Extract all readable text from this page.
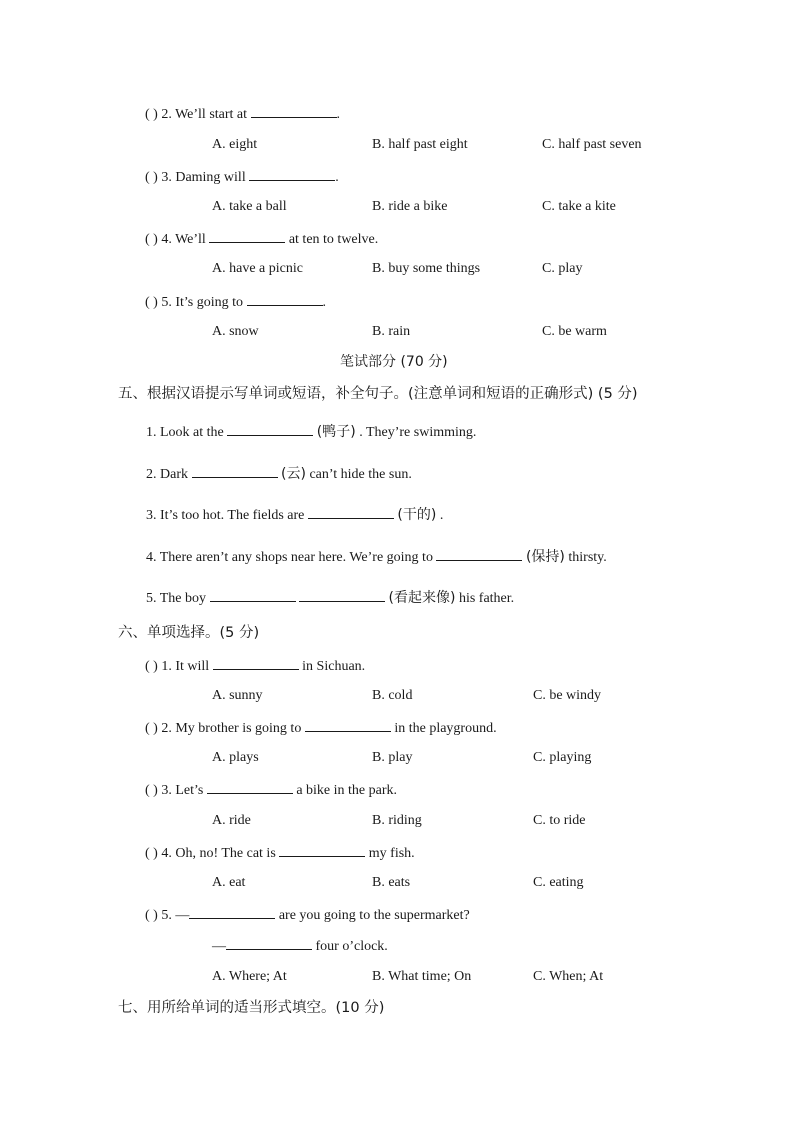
( ) 2. We’ll start at	.
A. eight	B. half past eight	C. half past seven
( ) 3. Daming will	.
A. take a ball	B. ride a bike	C. take a kite
( ) 4. We’ll	at ten to twelve.
A. have a picnic	B. buy some things	C. play
( ) 5. It’s going to	.
A. snow	B. rain	C. be warm
笔试部分 (70 分)
五、根据汉语提示写单词或短语，补全句子。(注意单词和短语的正确形式) (5 分)
1. Look at the	(鸭子) . They’re swimming.
2. Dark	(云) can’t hide the sun.
3. It’s too hot. The fields are	(干的) .
4. There aren’t any shops near here. We’re going to	(保持) thirsty.
5. The boy	(看起来像) his father.
六、单项选择。(5 分)
( ) 1. It will	in Sichuan.
A. sunny	B. cold	C. be windy
( ) 2. My brother is going to	in the playground.
A. plays	B. play	C. playing
( ) 3. Let’s	a bike in the park.
A. ride	B. riding	C. to ride
( ) 4. Oh, no! The cat is	my fish.
A. eat	B. eats	C. eating
( ) 5. —	are you going to the supermarket?
—	four o’clock.
A. Where; At	B. What time; On	C. When; At
七、用所给单词的适当形式填空。(10 分)
